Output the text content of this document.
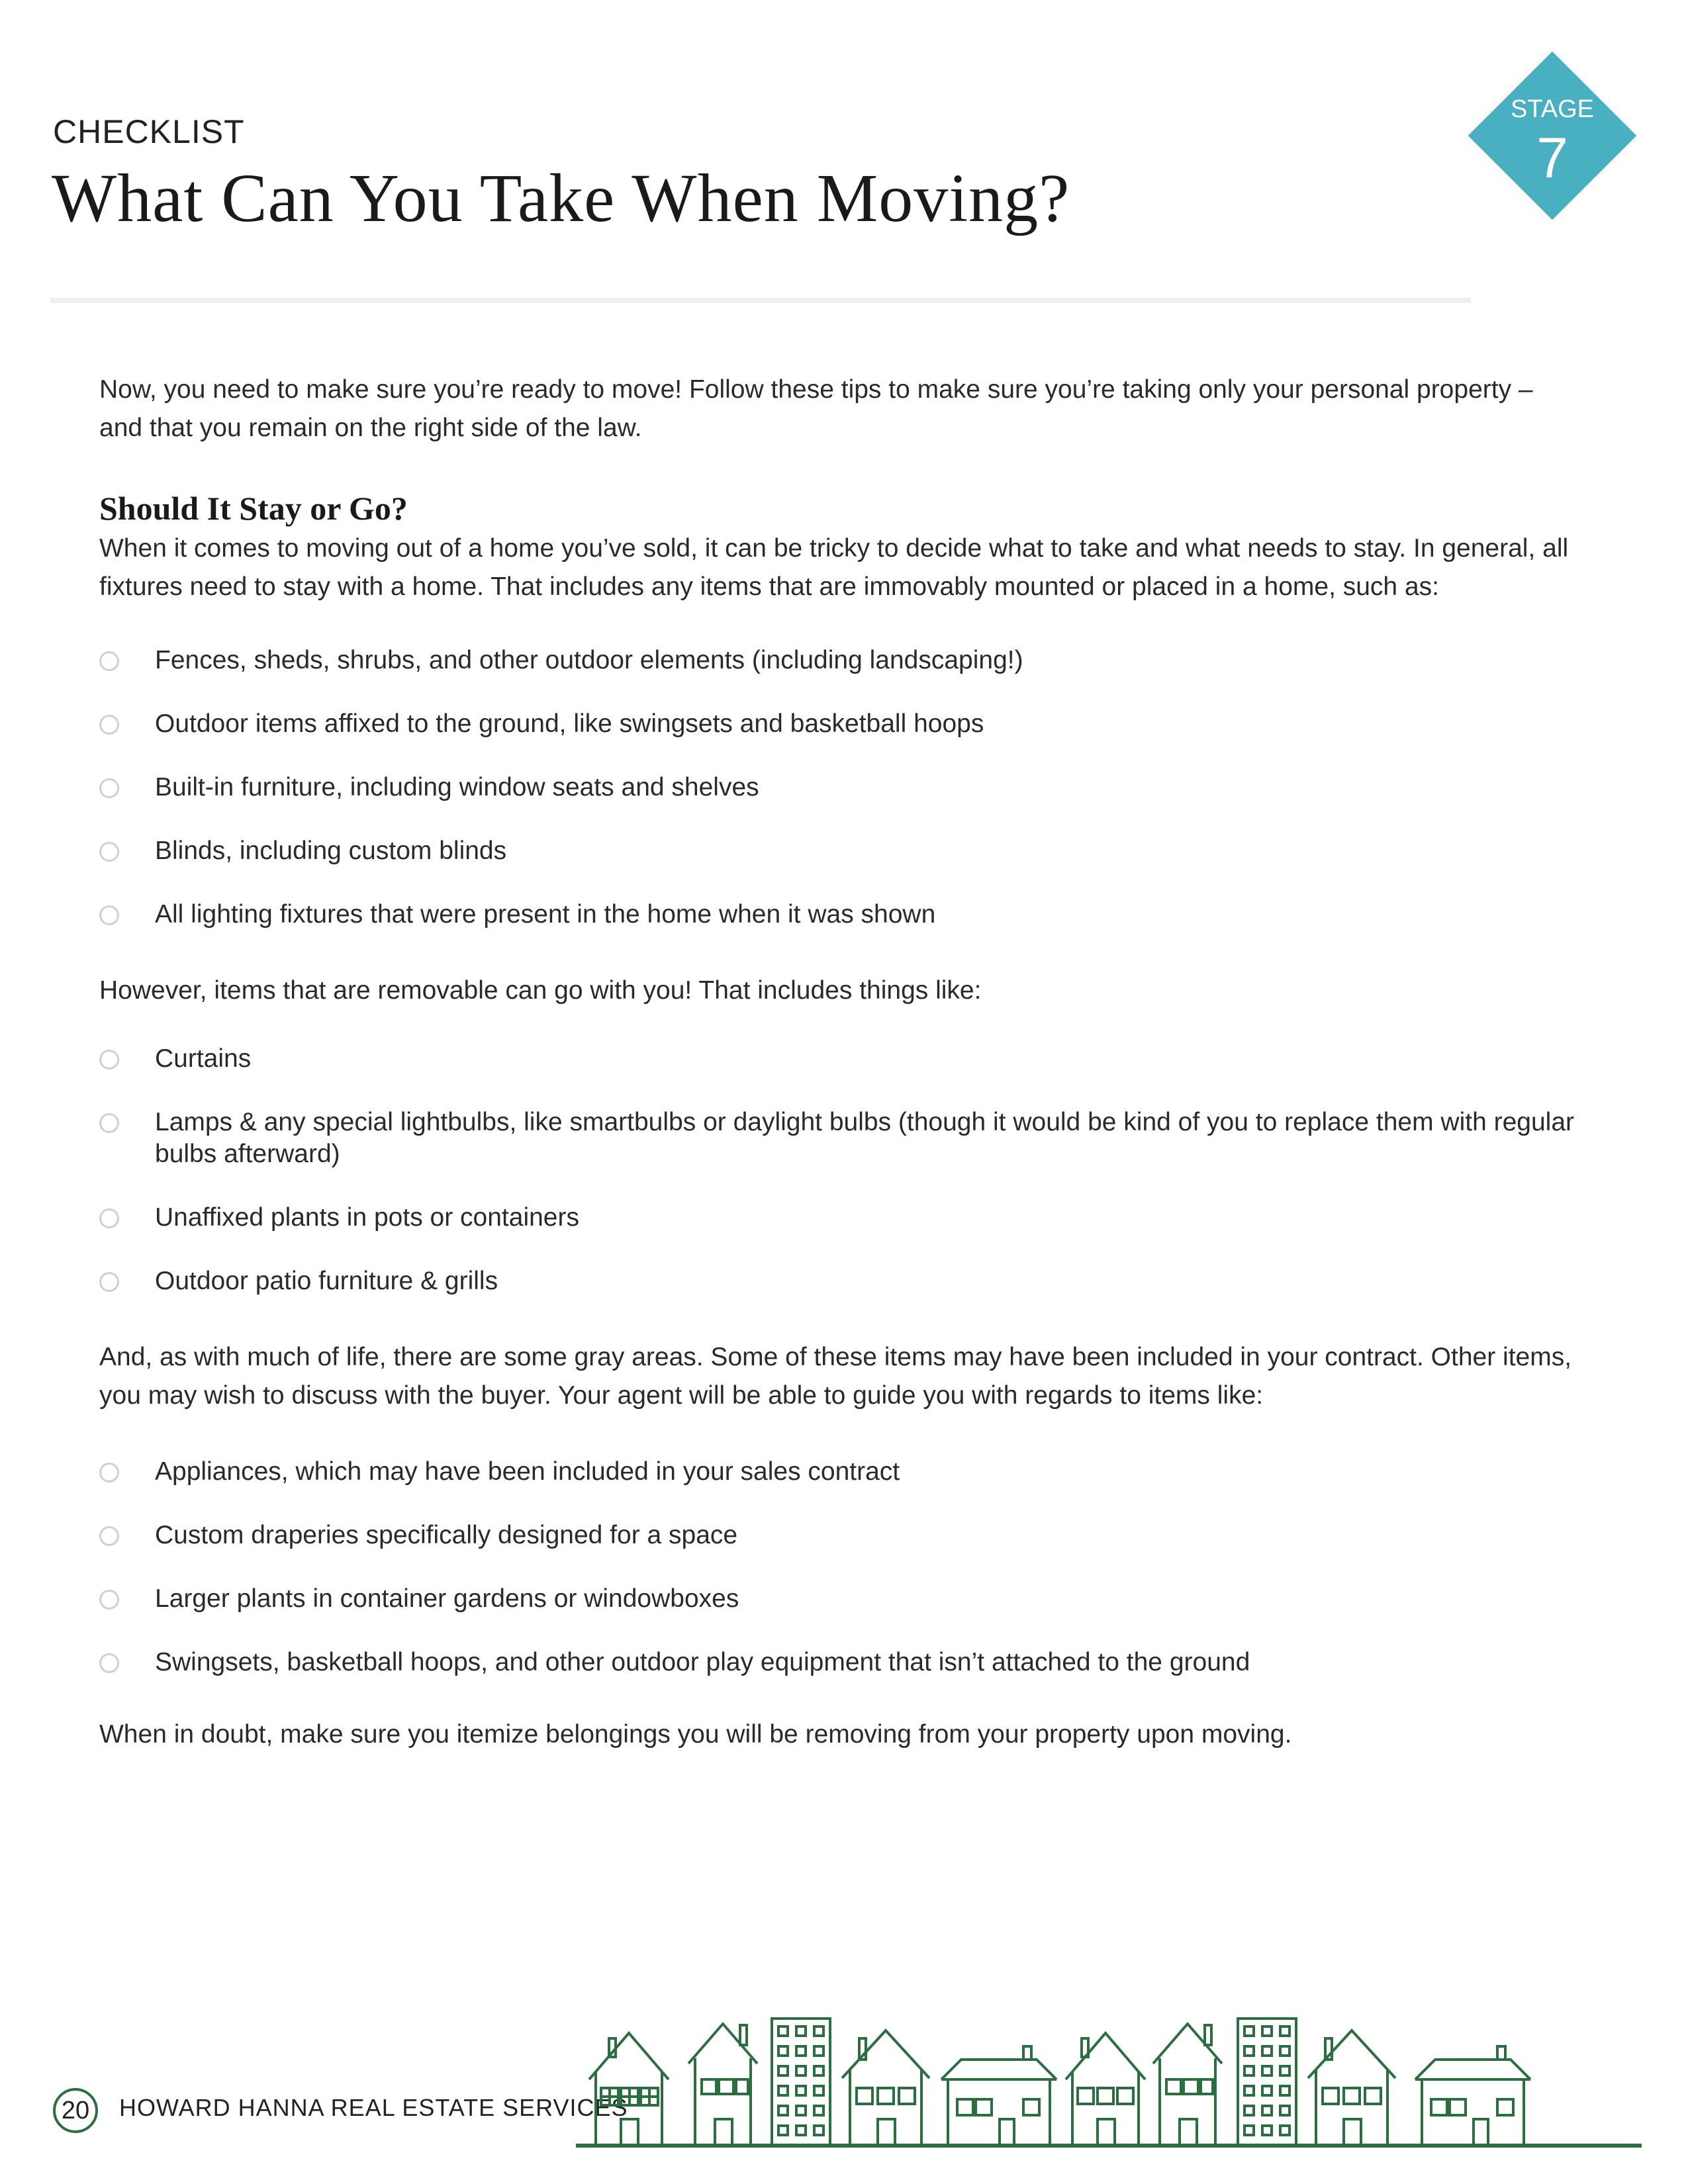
CHECKLIST
What Can You Take When Moving?
STAGE
7

Now, you need to make sure you’re ready to move! Follow these tips to make sure you’re taking only your personal property – and that you remain on the right side of the law.

Should It Stay or Go?

When it comes to moving out of a home you’ve sold, it can be tricky to decide what to take and what needs to stay. In general, all fixtures need to stay with a home. That includes any items that are immovably mounted or placed in a home, such as:

Fences, sheds, shrubs, and other outdoor elements (including landscaping!)
Outdoor items affixed to the ground, like swingsets and basketball hoops
Built-in furniture, including window seats and shelves
Blinds, including custom blinds
All lighting fixtures that were present in the home when it was shown

However, items that are removable can go with you! That includes things like:

Curtains
Lamps & any special lightbulbs, like smartbulbs or daylight bulbs (though it would be kind of you to replace them with regular bulbs afterward)
Unaffixed plants in pots or containers
Outdoor patio furniture & grills

And, as with much of life, there are some gray areas. Some of these items may have been included in your contract. Other items, you may wish to discuss with the buyer. Your agent will be able to guide you with regards to items like:

Appliances, which may have been included in your sales contract
Custom draperies specifically designed for a space
Larger plants in container gardens or windowboxes
Swingsets, basketball hoops, and other outdoor play equipment that isn’t attached to the ground

When in doubt, make sure you itemize belongings you will be removing from your property upon moving.

20	HOWARD HANNA REAL ESTATE SERVICES
